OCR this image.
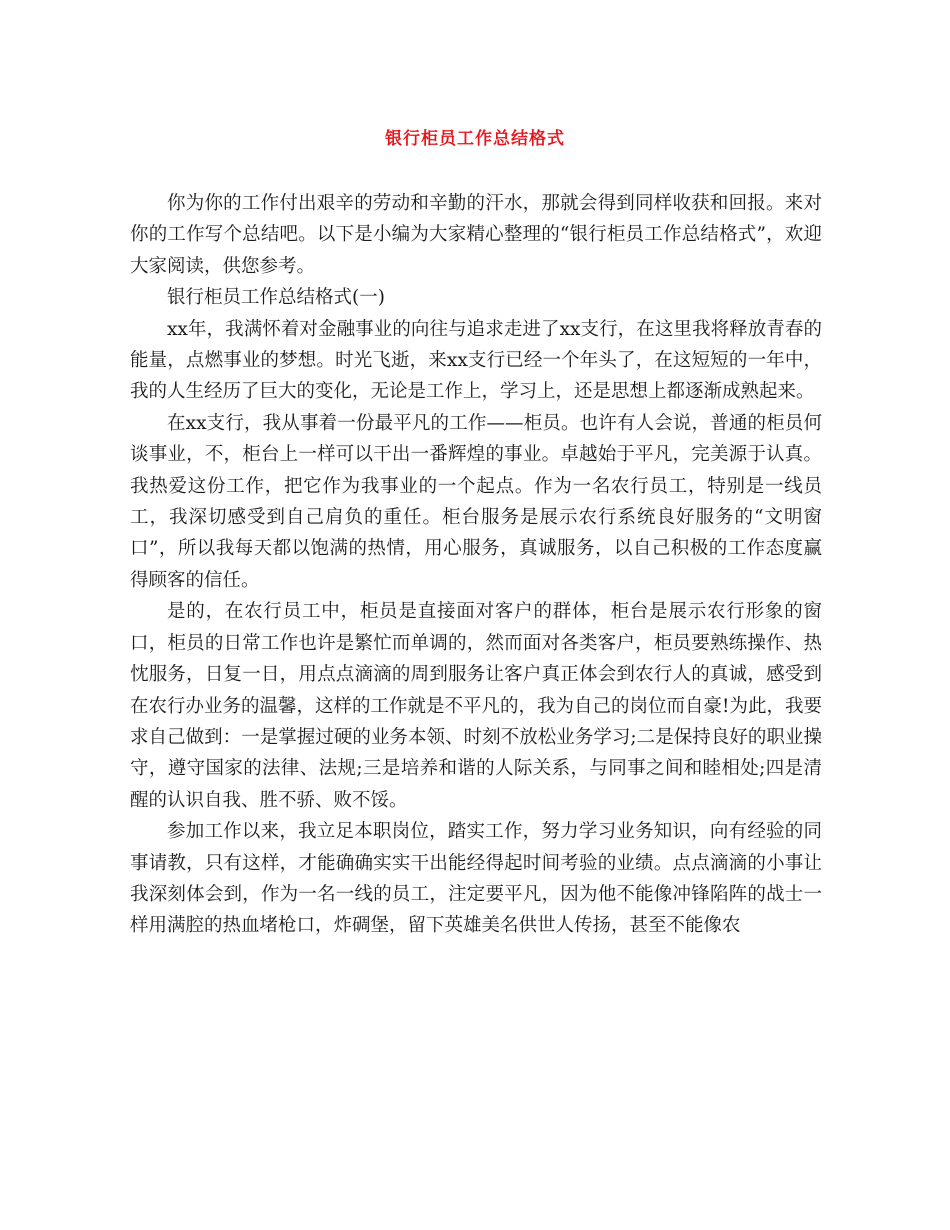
银行柜员工作总结格式

你为你的工作付出艰辛的劳动和辛勤的汗水，那就会得到同样收获和回报。来对你的工作写个总结吧。以下是小编为大家精心整理的“银行柜员工作总结格式”，欢迎大家阅读，供您参考。

银行柜员工作总结格式(一)

xx年，我满怀着对金融事业的向往与追求走进了xx支行，在这里我将释放青春的能量，点燃事业的梦想。时光飞逝，来xx支行已经一个年头了，在这短短的一年中，我的人生经历了巨大的变化，无论是工作上，学习上，还是思想上都逐渐成熟起来。

在xx支行，我从事着一份最平凡的工作——柜员。也许有人会说，普通的柜员何谈事业，不，柜台上一样可以干出一番辉煌的事业。卓越始于平凡，完美源于认真。我热爱这份工作，把它作为我事业的一个起点。作为一名农行员工，特别是一线员工，我深切感受到自己肩负的重任。柜台服务是展示农行系统良好服务的“文明窗口”，所以我每天都以饱满的热情，用心服务，真诚服务，以自己积极的工作态度赢得顾客的信任。

是的，在农行员工中，柜员是直接面对客户的群体，柜台是展示农行形象的窗口，柜员的日常工作也许是繁忙而单调的，然而面对各类客户，柜员要熟练操作、热忱服务，日复一日，用点点滴滴的周到服务让客户真正体会到农行人的真诚，感受到在农行办业务的温馨，这样的工作就是不平凡的，我为自己的岗位而自豪!为此，我要求自己做到：一是掌握过硬的业务本领、时刻不放松业务学习;二是保持良好的职业操守，遵守国家的法律、法规;三是培养和谐的人际关系，与同事之间和睦相处;四是清醒的认识自我、胜不骄、败不馁。

参加工作以来，我立足本职岗位，踏实工作，努力学习业务知识，向有经验的同事请教，只有这样，才能确确实实干出能经得起时间考验的业绩。点点滴滴的小事让我深刻体会到，作为一名一线的员工，注定要平凡，因为他不能像冲锋陷阵的战士一样用满腔的热血堵枪口，炸碉堡，留下英雄美名供世人传扬，甚至不能像农
